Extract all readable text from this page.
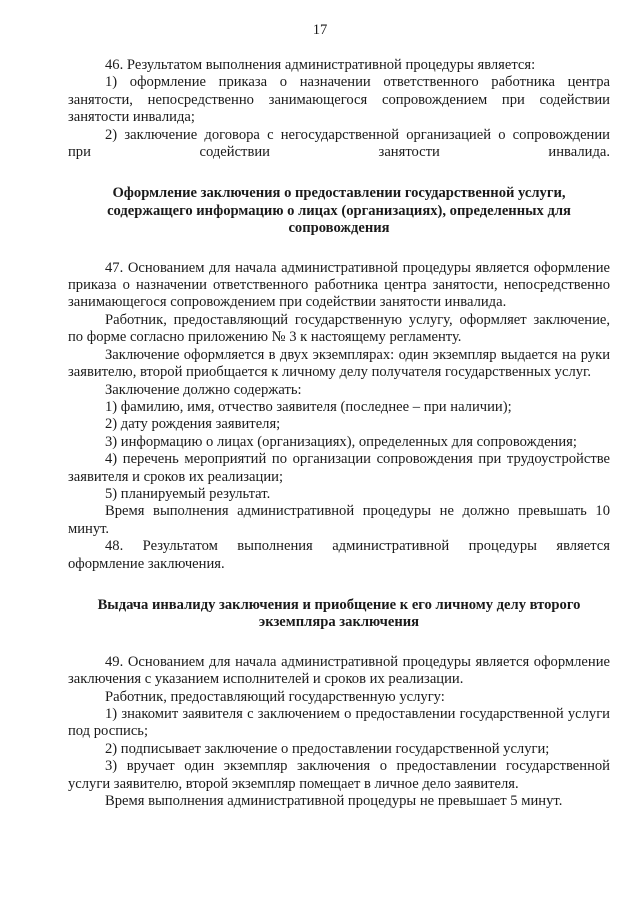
17

46. Результатом выполнения административной процедуры является:

1) оформление приказа о назначении ответственного работника центра занятости, непосредственно занимающегося сопровождением при содействии занятости инвалида;

2) заключение договора с негосударственной организацией о сопровождении при содействии занятости инвалида.

Оформление заключения о предоставлении государственной услуги, содержащего информацию о лицах (организациях), определенных для сопровождения

47. Основанием для начала административной процедуры является оформление приказа о назначении ответственного работника центра занятости, непосредственно занимающегося сопровождением при содействии занятости инвалида.

Работник, предоставляющий государственную услугу, оформляет заключение, по форме согласно приложению № 3 к настоящему регламенту.

Заключение оформляется в двух экземплярах: один экземпляр выдается на руки заявителю, второй приобщается к личному делу получателя государственных услуг.

Заключение должно содержать:

1) фамилию, имя, отчество заявителя (последнее – при наличии);

2) дату рождения заявителя;

3) информацию о лицах (организациях), определенных для сопровождения;

4) перечень мероприятий по организации сопровождения при трудоустройстве заявителя и сроков их реализации;

5) планируемый результат.

Время выполнения административной процедуры не должно превышать 10 минут.

48. Результатом выполнения административной процедуры является оформление заключения.

Выдача инвалиду заключения и приобщение к его личному делу второго экземпляра заключения

49. Основанием для начала административной процедуры является оформление заключения с указанием исполнителей и сроков их реализации.

Работник, предоставляющий государственную услугу:

1) знакомит заявителя с заключением о предоставлении государственной услуги под роспись;

2) подписывает заключение о предоставлении государственной услуги;

3) вручает один экземпляр заключения о предоставлении государственной услуги заявителю, второй экземпляр помещает в личное дело заявителя.

Время выполнения административной процедуры не превышает 5 минут.
